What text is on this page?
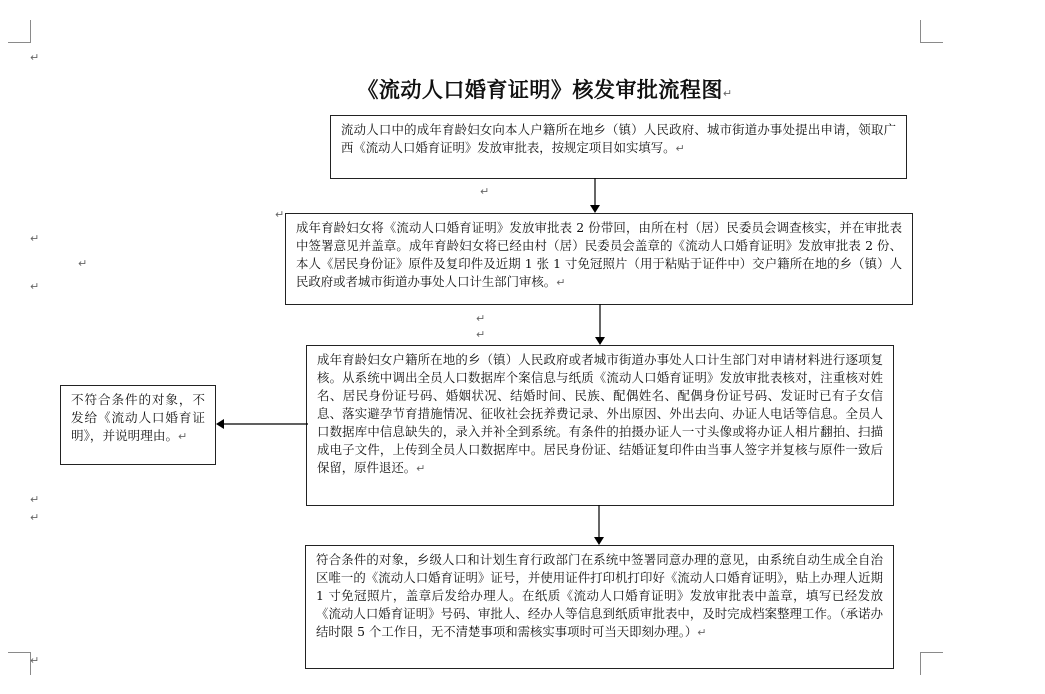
↵
↵
↵
↵
↵
↵
↵
↵
↵
↵
↵
《流动人口婚育证明》核发审批流程图↵
流动人口中的成年育龄妇女向本人户籍所在地乡（镇）人民政府、城市街道办事处提出申请，领取广西《流动人口婚育证明》发放审批表，按规定项目如实填写。↵
成年育龄妇女将《流动人口婚育证明》发放审批表 2 份带回，由所在村（居）民委员会调查核实，并在审批表中签署意见并盖章。成年育龄妇女将已经由村（居）民委员会盖章的《流动人口婚育证明》发放审批表 2 份、本人《居民身份证》原件及复印件及近期 1 张 1 寸免冠照片（用于粘贴于证件中）交户籍所在地的乡（镇）人民政府或者城市街道办事处人口计生部门审核。↵
成年育龄妇女户籍所在地的乡（镇）人民政府或者城市街道办事处人口计生部门对申请材料进行逐项复核。从系统中调出全员人口数据库个案信息与纸质《流动人口婚育证明》发放审批表核对，注重核对姓名、居民身份证号码、婚姻状况、结婚时间、民族、配偶姓名、配偶身份证号码、发证时已有子女信息、落实避孕节育措施情况、征收社会抚养费记录、外出原因、外出去向、办证人电话等信息。全员人口数据库中信息缺失的，录入并补全到系统。有条件的拍摄办证人一寸头像或将办证人相片翻拍、扫描成电子文件，上传到全员人口数据库中。居民身份证、结婚证复印件由当事人签字并复核与原件一致后保留，原件退还。↵
不符合条件的对象，不发给《流动人口婚育证明》，并说明理由。↵
符合条件的对象，乡级人口和计划生育行政部门在系统中签署同意办理的意见，由系统自动生成全自治区唯一的《流动人口婚育证明》证号，并使用证件打印机打印好《流动人口婚育证明》，贴上办理人近期 1 寸免冠照片，盖章后发给办理人。在纸质《流动人口婚育证明》发放审批表中盖章，填写已经发放《流动人口婚育证明》号码、审批人、经办人等信息到纸质审批表中，及时完成档案整理工作。（承诺办结时限 5 个工作日，无不清楚事项和需核实事项时可当天即刻办理。）↵
